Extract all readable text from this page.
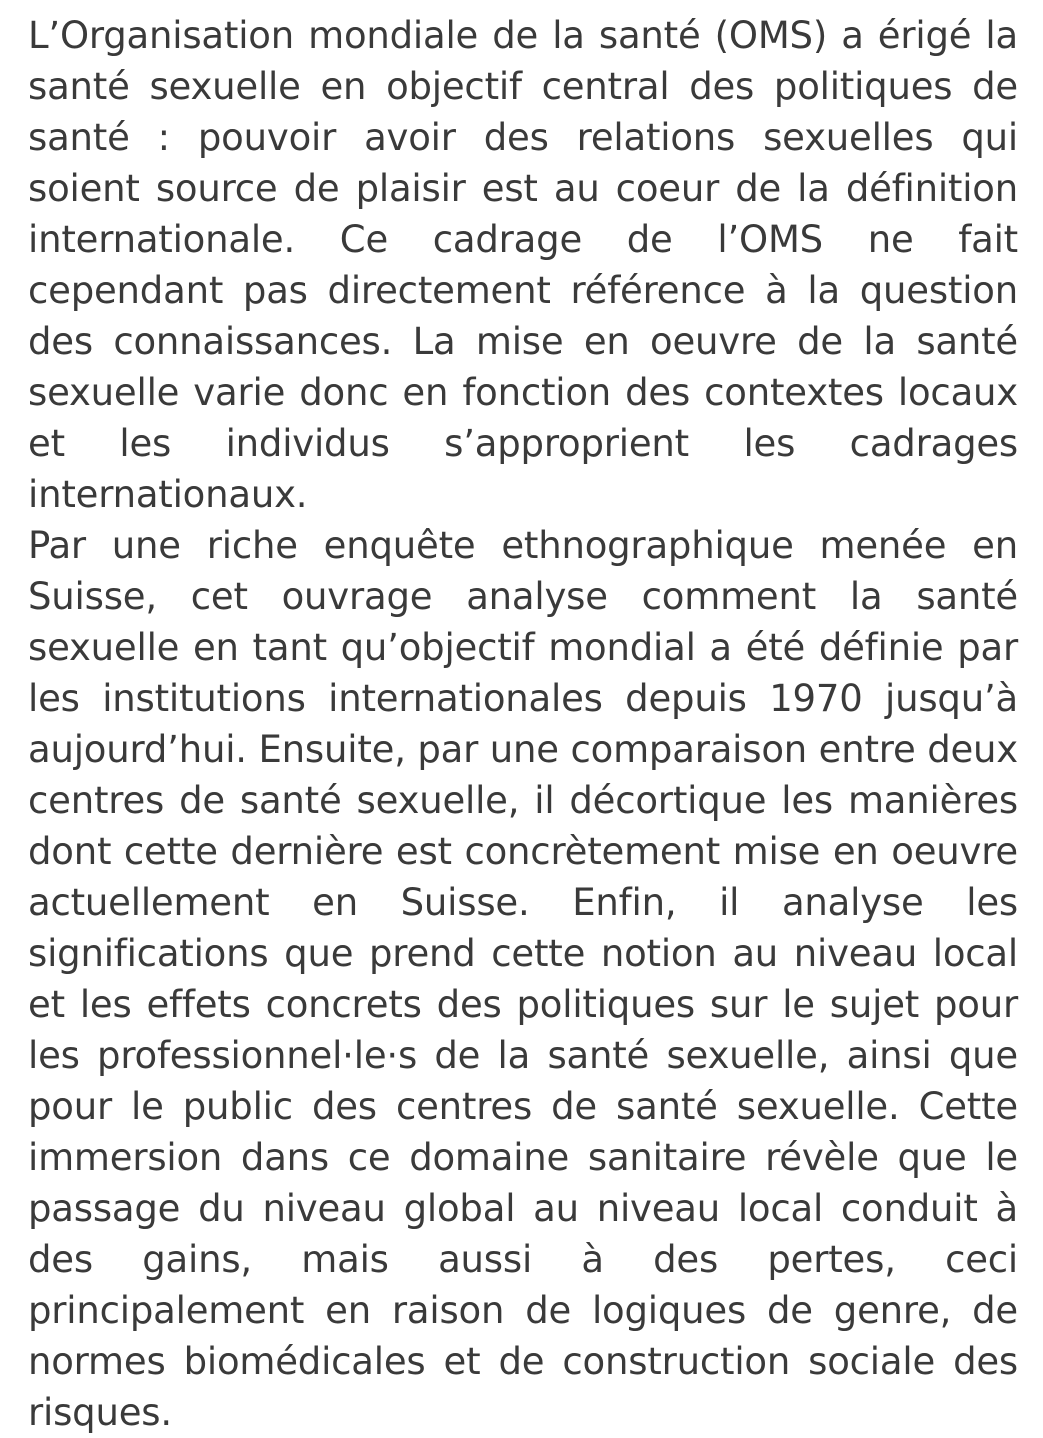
L’Organisation mondiale de la santé (OMS) a érigé la santé sexuelle en objectif central des politiques de santé : pouvoir avoir des relations sexuelles qui soient source de plaisir est au coeur de la définition internationale. Ce cadrage de l’OMS ne fait cependant pas directement référence à la question des connaissances. La mise en oeuvre de la santé sexuelle varie donc en fonction des contextes locaux et les individus s’approprient les cadrages internationaux.

Par une riche enquête ethnographique menée en Suisse, cet ouvrage analyse comment la santé sexuelle en tant qu’objectif mondial a été définie par les institutions internationales depuis 1970 jusqu’à aujourd’hui. Ensuite, par une comparaison entre deux centres de santé sexuelle, il décortique les manières dont cette dernière est concrètement mise en oeuvre actuellement en Suisse. Enfin, il analyse les significations que prend cette notion au niveau local et les effets concrets des politiques sur le sujet pour les professionnel·le·s de la santé sexuelle, ainsi que pour le public des centres de santé sexuelle. Cette immersion dans ce domaine sanitaire révèle que le passage du niveau global au niveau local conduit à des gains, mais aussi à des pertes, ceci principalement en raison de logiques de genre, de normes biomédicales et de construction sociale des risques.
